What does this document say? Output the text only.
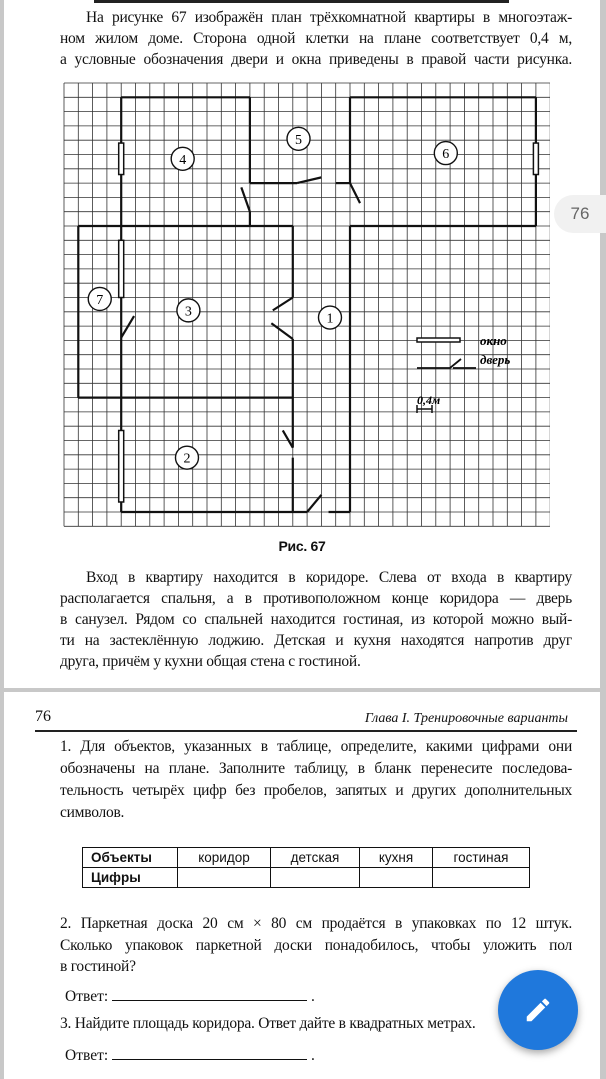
На рисунке 67 изображён план трёхкомнатной квартиры в многоэтаж-
ном жилом доме. Сторона одной клетки на плане соответствует 0,4 м,
а условные обозначения двери и окна приведены в правой части рисунка.
1
2
3
4
5
6
7
окно
дверь
0,4м
Рис. 67
Вход в квартиру находится в коридоре. Слева от входа в квартиру
располагается спальня, а в противоположном конце коридора — дверь
в санузел. Рядом со спальней находится гостиная, из которой можно вый-
ти на застеклённую лоджию. Детская и кухня находятся напротив друг
друга, причём у кухни общая стена с гостиной.
76	Глава I. Тренировочные варианты
1. Для объектов, указанных в таблице, определите, какими цифрами они
обозначены на плане. Заполните таблицу, в бланк перенесите последова-
тельность четырёх цифр без пробелов, запятых и других дополнительных
символов.
Объекты	коридор	детская	кухня	гостиная
Цифры				
2. Паркетная доска 20 см × 80 см продаётся в упаковках по 12 штук.
Сколько упаковок паркетной доски понадобилось, чтобы уложить пол
в гостиной?
Ответ:	.
3. Найдите площадь коридора. Ответ дайте в квадратных метрах.
Ответ:	.
76
